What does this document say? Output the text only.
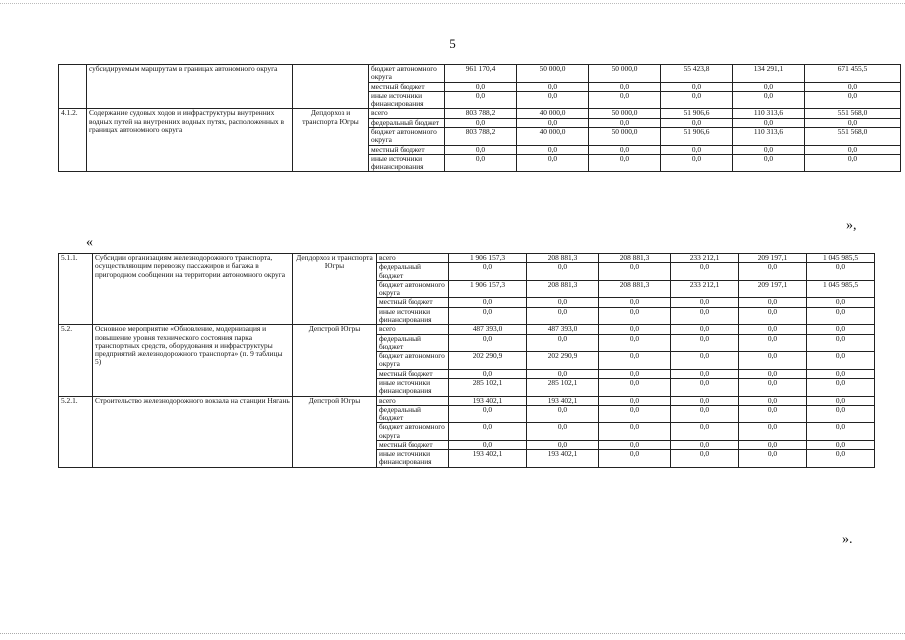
5
	субсидируемым маршрутам в границах автономного округа		бюджет автономного округа	961 170,4	50 000,0	50 000,0	55 423,8	134 291,1	671 455,5
			местный бюджет	0,0	0,0	0,0	0,0	0,0	0,0
			иные источники финансирования	0,0	0,0	0,0	0,0	0,0	0,0
4.1.2.	Содержание судовых ходов и инфраструктуры внутренних водных путей на внутренних водных путях, расположенных в границах автономного округа	Депдорхоз и транспорта Югры	всего	803 788,2	40 000,0	50 000,0	51 906,6	110 313,6	551 568,0
			федеральный бюджет	0,0	0,0	0,0	0,0	0,0	0,0
			бюджет автономного округа	803 788,2	40 000,0	50 000,0	51 906,6	110 313,6	551 568,0
			местный бюджет	0,0	0,0	0,0	0,0	0,0	0,0
			иные источники финансирования	0,0	0,0	0,0	0,0	0,0	0,0
»,
«
5.1.1.	Субсидии организациям железнодорожного транспорта, осуществляющим перевозку пассажиров и багажа в пригородном сообщении на территории автономного округа	Депдорхоз и транспорта Югры	всего	1 906 157,3	208 881,3	208 881,3	233 212,1	209 197,1	1 045 985,5
			федеральный бюджет	0,0	0,0	0,0	0,0	0,0	0,0
			бюджет автономного округа	1 906 157,3	208 881,3	208 881,3	233 212,1	209 197,1	1 045 985,5
			местный бюджет	0,0	0,0	0,0	0,0	0,0	0,0
			иные источники финансирования	0,0	0,0	0,0	0,0	0,0	0,0
5.2.	Основное мероприятие «Обновление, модернизация и повышение уровня технического состояния парка транспортных средств, оборудования и инфраструктуры предприятий железнодорожного транспорта» (п. 9 таблицы 5)	Депстрой Югры	всего	487 393,0	487 393,0	0,0	0,0	0,0	0,0
			федеральный бюджет	0,0	0,0	0,0	0,0	0,0	0,0
			бюджет автономного округа	202 290,9	202 290,9	0,0	0,0	0,0	0,0
			местный бюджет	0,0	0,0	0,0	0,0	0,0	0,0
			иные источники финансирования	285 102,1	285 102,1	0,0	0,0	0,0	0,0
5.2.1.	Строительство железнодорожного вокзала на станции Нягань	Депстрой Югры	всего	193 402,1	193 402,1	0,0	0,0	0,0	0,0
			федеральный бюджет	0,0	0,0	0,0	0,0	0,0	0,0
			бюджет автономного округа	0,0	0,0	0,0	0,0	0,0	0,0
			местный бюджет	0,0	0,0	0,0	0,0	0,0	0,0
			иные источники финансирования	193 402,1	193 402,1	0,0	0,0	0,0	0,0
».
